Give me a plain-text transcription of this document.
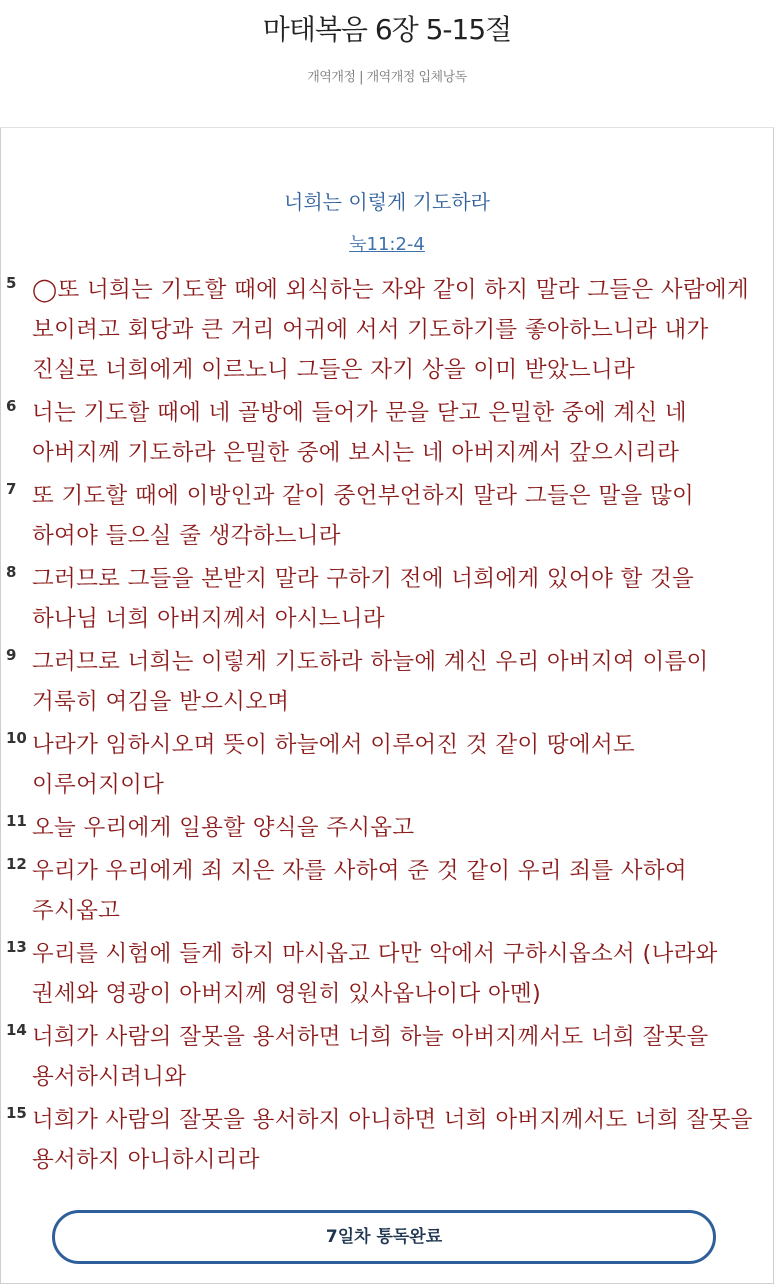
마태복음 6장 5-15절
개역개정 | 개역개정 입체낭독
너희는 이렇게 기도하라
눅11:2-4
5 ◯또 너희는 기도할 때에 외식하는 자와 같이 하지 말라 그들은 사람에게 보이려고 회당과 큰 거리 어귀에 서서 기도하기를 좋아하느니라 내가 진실로 너희에게 이르노니 그들은 자기 상을 이미 받았느니라
6 너는 기도할 때에 네 골방에 들어가 문을 닫고 은밀한 중에 계신 네 아버지께 기도하라 은밀한 중에 보시는 네 아버지께서 갚으시리라
7 또 기도할 때에 이방인과 같이 중언부언하지 말라 그들은 말을 많이 하여야 들으실 줄 생각하느니라
8 그러므로 그들을 본받지 말라 구하기 전에 너희에게 있어야 할 것을 하나님 너희 아버지께서 아시느니라
9 그러므로 너희는 이렇게 기도하라 하늘에 계신 우리 아버지여 이름이 거룩히 여김을 받으시오며
10 나라가 임하시오며 뜻이 하늘에서 이루어진 것 같이 땅에서도 이루어지이다
11 오늘 우리에게 일용할 양식을 주시옵고
12 우리가 우리에게 죄 지은 자를 사하여 준 것 같이 우리 죄를 사하여 주시옵고
13 우리를 시험에 들게 하지 마시옵고 다만 악에서 구하시옵소서 (나라와 권세와 영광이 아버지께 영원히 있사옵나이다 아멘)
14 너희가 사람의 잘못을 용서하면 너희 하늘 아버지께서도 너희 잘못을 용서하시려니와
15 너희가 사람의 잘못을 용서하지 아니하면 너희 아버지께서도 너희 잘못을 용서하지 아니하시리라
7일차 통독완료
